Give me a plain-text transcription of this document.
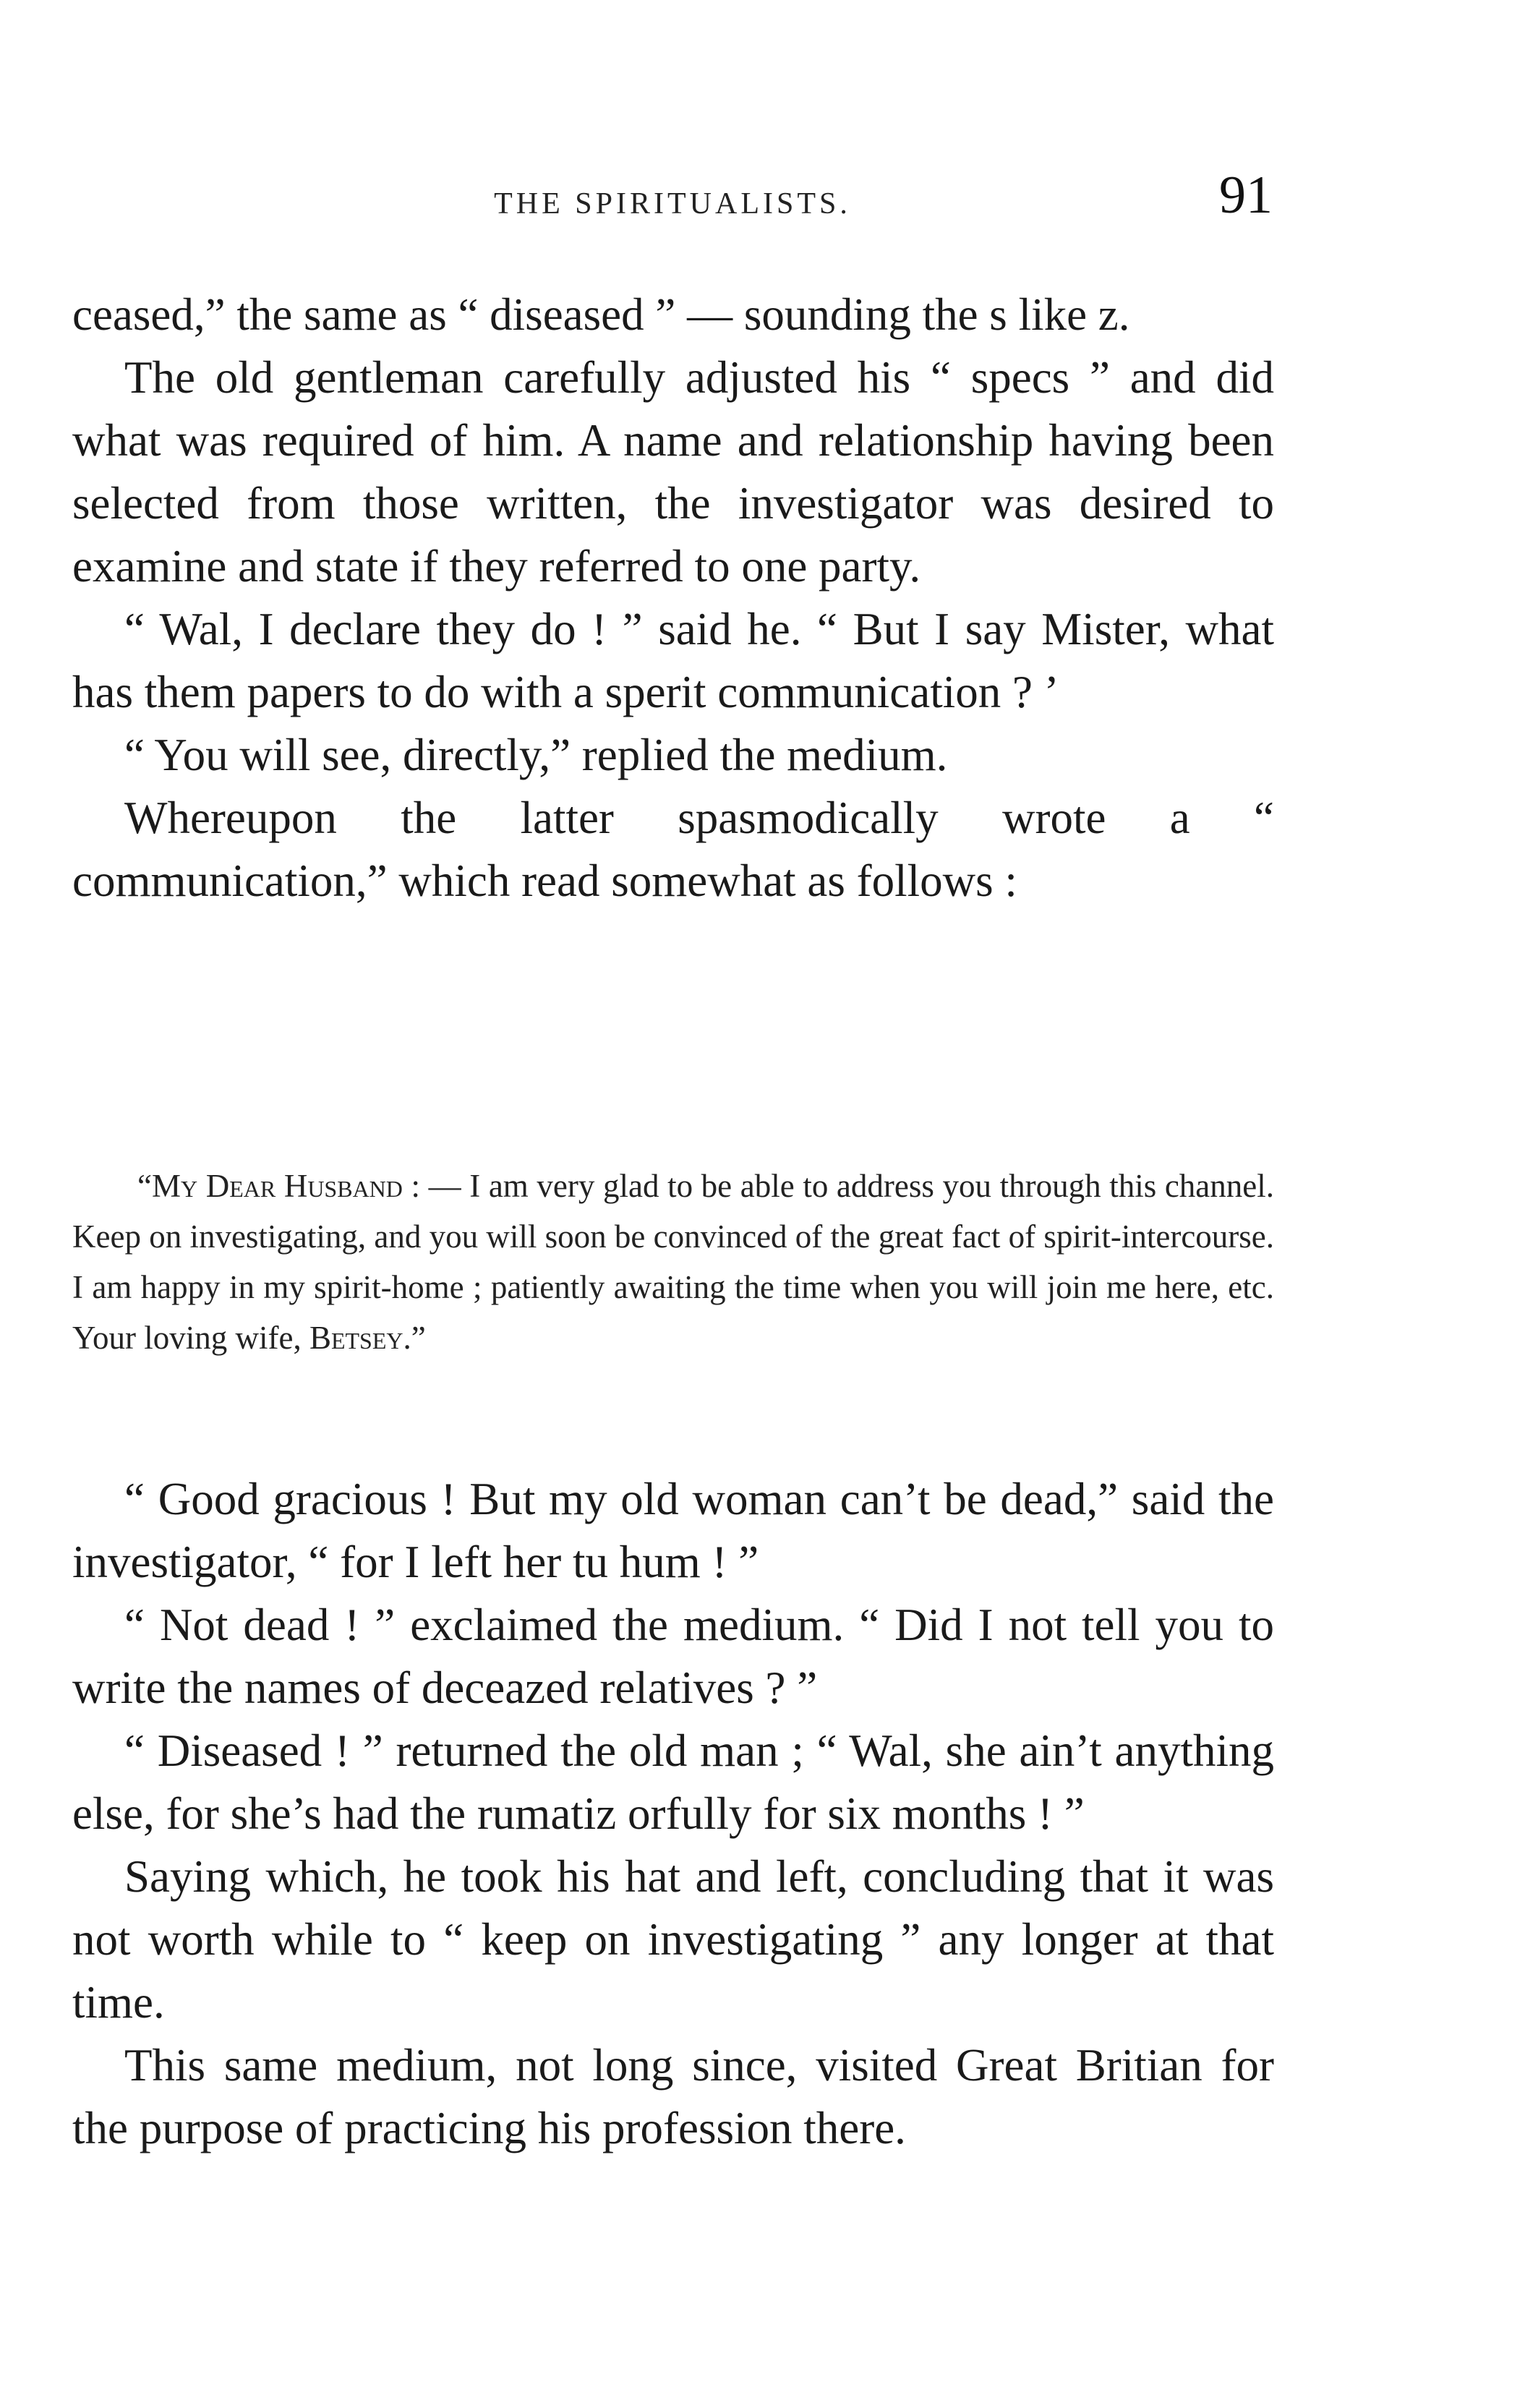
THE SPIRITUALISTS.	91

ceased,” the same as “ diseased ” — sounding the s like z.

The old gentleman carefully adjusted his “ specs ” and did what was required of him. A name and relationship having been selected from those written, the investigator was desired to examine and state if they referred to one party.

“ Wal, I declare they do ! ” said he. “ But I say Mister, what has them papers to do with a sperit communication ? ’

“ You will see, directly,” replied the medium.

Whereupon the latter spasmodically wrote a “ communication,” which read somewhat as follows :

“My Dear Husband : — I am very glad to be able to address you through this channel. Keep on investigating, and you will soon be convinced of the great fact of spirit-intercourse. I am happy in my spirit-home ; patiently awaiting the time when you will join me here, etc. Your loving wife, Betsey.”

“ Good gracious ! But my old woman can’t be dead,” said the investigator, “ for I left her tu hum ! ”

“ Not dead ! ” exclaimed the medium. “ Did I not tell you to write the names of deceazed relatives ? ”

“ Diseased ! ” returned the old man ; “ Wal, she ain’t anything else, for she’s had the rumatiz orfully for six months ! ”

Saying which, he took his hat and left, concluding that it was not worth while to “ keep on investigating ” any longer at that time.

This same medium, not long since, visited Great Britian for the purpose of practicing his profession there.
